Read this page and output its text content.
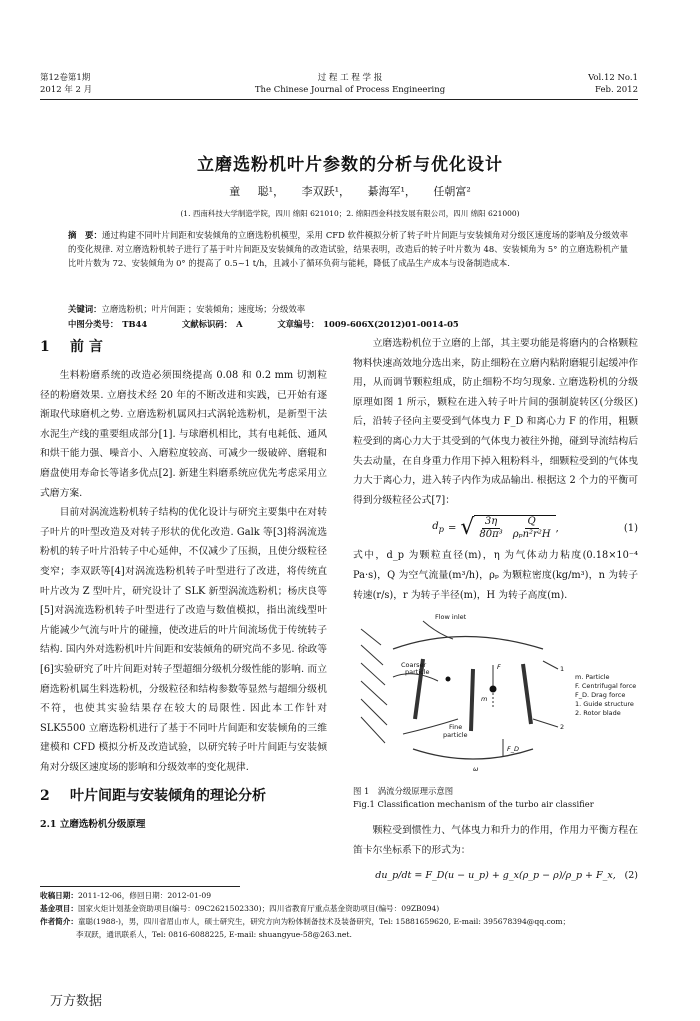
第12卷第1期
2012 年 2 月
过 程 工 程 学 报
The Chinese Journal of Process Engineering
Vol.12 No.1
Feb. 2012
立磨选粉机叶片参数的分析与优化设计
童 聪¹， 李双跃¹， 綦海军¹， 任朝富²
(1. 西南科技大学制造学院，四川 绵阳 621010；2. 绵阳西金科技发展有限公司，四川 绵阳 621000)
摘　要：通过构建不同叶片间距和安装倾角的立磨选粉机模型，采用 CFD 软件模拟分析了转子叶片间距与安装倾角对分级区速度场的影响及分级效率的变化规律. 对立磨选粉机转子进行了基于叶片间距及安装倾角的改造试验，结果表明，改造后的转子叶片数为 48、安装倾角为 5° 的立磨选粉机产量比叶片数为 72、安装倾角为 0° 的提高了 0.5~1 t/h，且减小了循环负荷与能耗，降低了成品生产成本与设备制造成本.
关键词：立磨选粉机；叶片间距 ；安装倾角；速度场；分级效率
中图分类号： TB44	文献标识码： A	文章编号： 1009-606X(2012)01-0014-05
1 前 言
生料粉磨系统的改造必须围绕提高 0.08 和 0.2 mm 切割粒径的粉磨效果. 立磨技术经 20 年的不断改进和实践，已开始有逐渐取代球磨机之势. 立磨选粉机属风扫式涡轮选粉机，是新型干法水泥生产线的重要组成部分[1]. 与球磨机相比，其有电耗低、通风和烘干能力强、噪音小、入磨粒度较高、可减少一级破碎、磨辊和磨盘使用寿命长等诸多优点[2]. 新建生料磨系统应优先考虑采用立式磨方案.
目前对涡流选粉机转子结构的优化设计与研究主要集中在对转子叶片的叶型改造及对转子形状的优化改造. Galk 等[3]将涡流选粉机的转子叶片沿转子中心延伸，不仅减少了压损，且使分级粒径变窄；李双跃等[4]对涡流选粉机转子叶型进行了改进，将传统直叶片改为 Z 型叶片，研究设计了 SLK 新型涡流选粉机；杨庆良等[5]对涡流选粉机转子叶型进行了改造与数值模拟，指出流线型叶片能减少气流与叶片的碰撞，使改进后的叶片间流场优于传统转子结构. 国内外对选粉机叶片间距和安装倾角的研究尚不多见. 徐政等[6]实验研究了叶片间距对转子型超细分级机分级性能的影响. 而立磨选粉机属生料选粉机，分级粒径和结构参数等显然与超细分级机不符，也使其实验结果存在较大的局限性. 因此本工作针对 SLK5500 立磨选粉机进行了基于不同叶片间距和安装倾角的三维建模和 CFD 模拟分析及改造试验，以研究转子叶片间距与安装倾角对分级区速度场的影响和分级效率的变化规律.
2 叶片间距与安装倾角的理论分析
2.1 立磨选粉机分级原理
立磨选粉机位于立磨的上部，其主要功能是将磨内的合格颗粒物料快速高效地分选出来，防止细粉在立磨内粘附磨辊引起缓冲作用，从而调节颗粒组成，防止细粉不均匀现象. 立磨选粉机的分级原理如图 1 所示，颗粒在进入转子叶片间的强制旋转区(分级区)后，沿转子径向主要受到气体曳力 F_D 和离心力 F 的作用，粗颗粒受到的离心力大于其受到的气体曳力被往外抛，碰到导流结构后失去动量，在自身重力作用下掉入粗粉料斗，细颗粒受到的气体曳力大于离心力，进入转子内作为成品输出. 根据这 2 个力的平衡可得到分级粒径公式[7]：
$d_p$ = √ $\frac{3\eta}{\text{80π³}} \frac{Q}{\text{ρₚn²r²H}}$ ,	(1)
式中，d_p 为颗粒直径(m)，η 为气体动力粘度(0.18×10⁻⁴ Pa·s)，Q 为空气流量(m³/h)，ρₚ 为颗粒密度(kg/m³)，n 为转子转速(r/s)，r 为转子半径(m)，H 为转子高度(m).
Flow inlet
Coarser
particle
Fine
particle
m
F
F_D
1
2
ω
m. Particle
F. Centrifugal force
F_D. Drag force
1. Guide structure
2. Rotor blade
图 1　涡流分级原理示意图
Fig.1 Classification mechanism of the turbo air classifier
颗粒受到惯性力、气体曳力和升力的作用，作用力平衡方程在笛卡尔坐标系下的形式为：
du_p/dt = F_D(u − u_p) + g_x(ρ_p − ρ)/ρ_p + F_x, (2)
收稿日期：2011-12-06，修回日期：2012-01-09
基金项目：国家火炬计划基金资助项目(编号：09C2621502330)；四川省教育厅重点基金资助项目(编号：09ZB094)
作者简介：童聪(1988-)，男，四川省眉山市人，硕士研究生，研究方向为粉体制备技术及装备研究，Tel: 15881659620, E-mail: 395678394@qq.com；
李双跃，通讯联系人，Tel: 0816-6088225, E-mail: shuangyue-58@263.net.
万方数据
